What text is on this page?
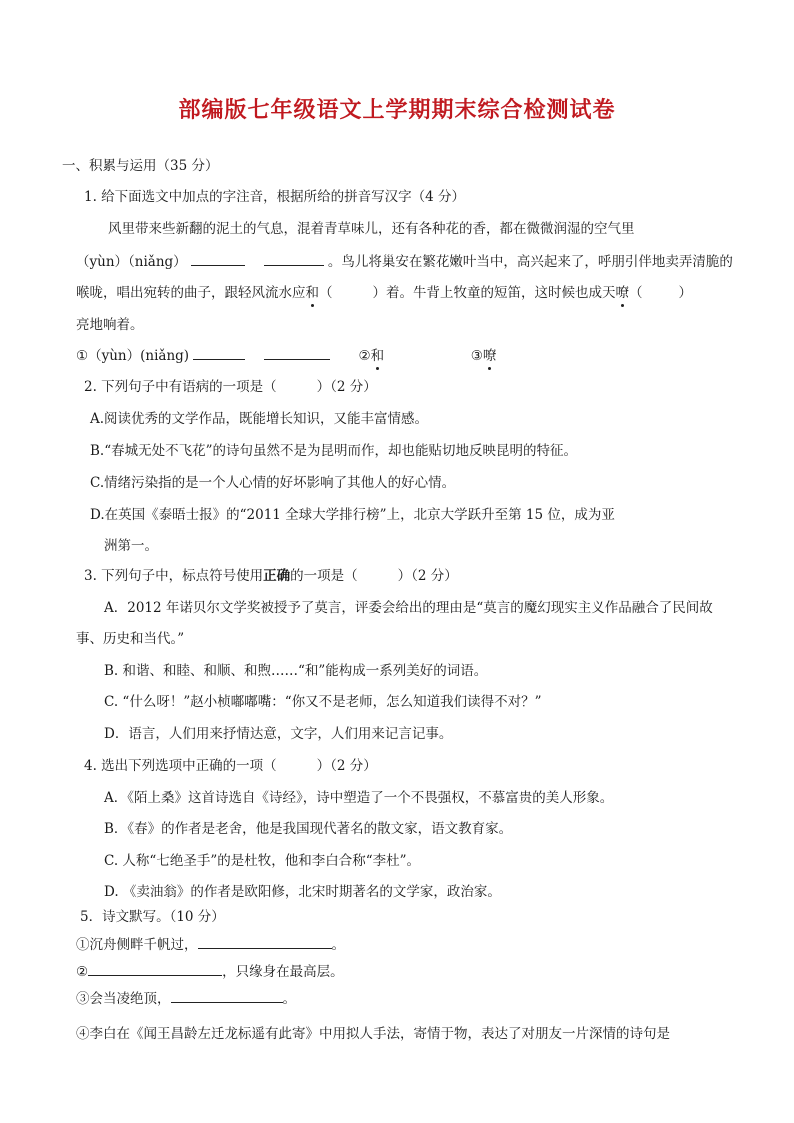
部编版七年级语文上学期期末综合检测试卷
一、积累与运用（35 分）
1. 给下面选文中加点的字注音，根据所给的拼音写汉字（4 分）
风里带来些新翻的泥土的气息，混着青草味儿，还有各种花的香，都在微微润湿的空气里
（yùn）（niǎng）	。鸟儿将巢安在繁花嫩叶当中，高兴起来了，呼朋引伴地卖弄清脆的
喉咙，唱出宛转的曲子，跟轻风流水应和（	）着。牛背上牧童的短笛，这时候也成天嘹（	）
亮地响着。
①（yùn）(niǎng)	②和	③嘹
2. 下列句子中有语病的一项是（	）（2 分）
A.阅读优秀的文学作品，既能增长知识，又能丰富情感。
B.“春城无处不飞花”的诗句虽然不是为昆明而作，却也能贴切地反映昆明的特征。
C.情绪污染指的是一个人心情的好坏影响了其他人的好心情。
D.在英国《泰晤士报》的“2011 全球大学排行榜”上，北京大学跃升至第 15 位，成为亚
洲第一。
3. 下列句子中，标点符号使用正确的一项是（	）（2 分）
A．2012 年诺贝尔文学奖被授予了莫言，评委会给出的理由是“莫言的魔幻现实主义作品融合了民间故
事、历史和当代。”
B. 和谐、和睦、和顺、和煦……“和”能构成一系列美好的词语。
C. “什么呀！”赵小桢嘟嘟嘴：“你又不是老师，怎么知道我们读得不对？”
D．语言，人们用来抒情达意，文字，人们用来记言记事。
4. 选出下列选项中正确的一项（	）（2 分）
A．《陌上桑》这首诗选自《诗经》，诗中塑造了一个不畏强权，不慕富贵的美人形象。
B．《春》的作者是老舍，他是我国现代著名的散文家，语文教育家。
C. 人称“七绝圣手”的是杜牧，他和李白合称“李杜”。
D. 《卖油翁》的作者是欧阳修，北宋时期著名的文学家，政治家。
5．诗文默写。（10 分）
①沉舟侧畔千帆过，	。
②	，只缘身在最高层。
③会当凌绝顶，	。
④李白在《闻王昌龄左迁龙标遥有此寄》中用拟人手法，寄情于物，表达了对朋友一片深情的诗句是
